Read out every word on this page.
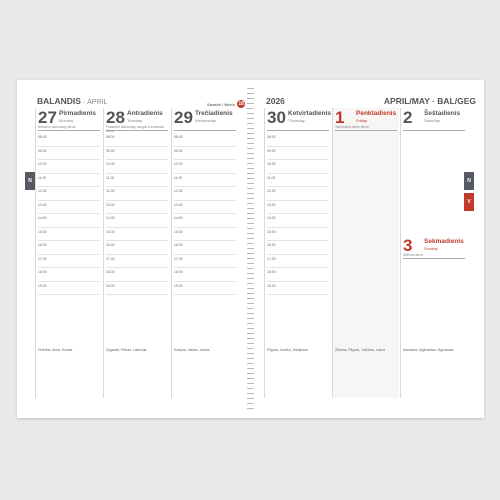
BALANDIS · APRIL	Savaitė / Week 18
27 Pirmadienis
Monday
Notarinių darbuotojų diena
08.00
09.00
10.00
11.00
12.00
13.00
14.00
15.00
16.00
17.00
18.00
19.00
Zeferina, Anna, Kostas
28 Antradienis
Tuesday
Pasaulinė darbuotojų saugos ir sveikatos diena
08.00
09.00
10.00
11.00
12.00
13.00
14.00
15.00
16.00
17.00
18.00
19.00
Vygaudė, Petras, Lukrecija
29 Trečiadienis
Wednesday
08.00
09.00
10.00
11.00
12.00
13.00
14.00
15.00
16.00
17.00
18.00
19.00
Kotryna, Vaidas, Ivanas
2026	APRIL/MAY · BAL/GEG
30 Ketvirtadienis
Thursday
08.00
09.00
10.00
11.00
12.00
13.00
14.00
15.00
16.00
17.00
18.00
19.00
Pilypas, Audrius, Marijonas
1 Penktadienis
Friday
Tarptautinė darbo diena
Žilvinas, Pilypas, Jokūbas, Laima
2 Šeštadienis
Saturday
3 Sekmadienis
Sunday
Motinos diena
Atanazas, Algimantas, Zigmantas
N	N
V
